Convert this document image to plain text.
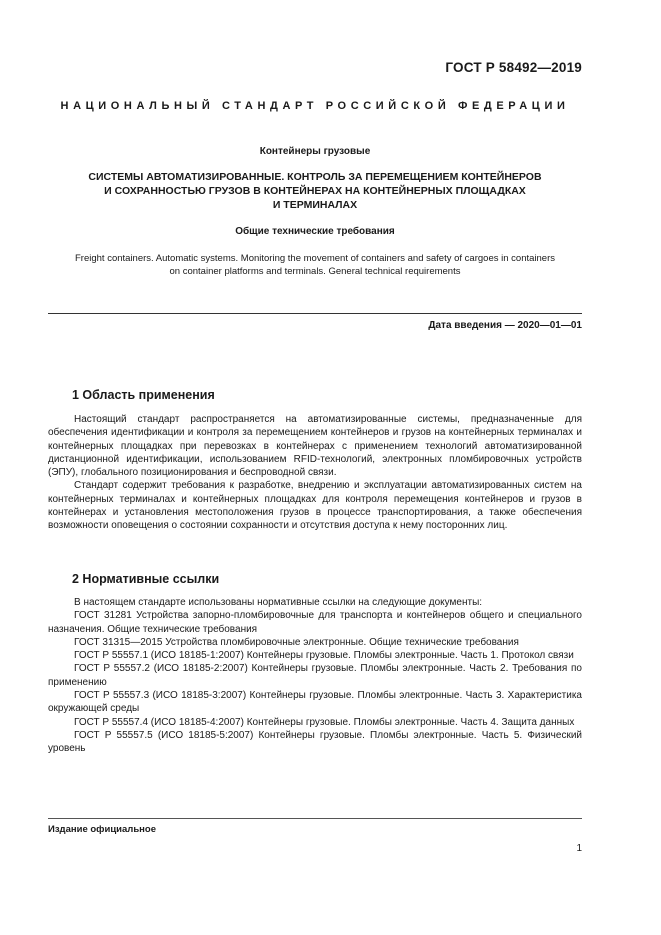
ГОСТ Р 58492—2019
НАЦИОНАЛЬНЫЙ СТАНДАРТ РОССИЙСКОЙ ФЕДЕРАЦИИ
Контейнеры грузовые
СИСТЕМЫ АВТОМАТИЗИРОВАННЫЕ. КОНТРОЛЬ ЗА ПЕРЕМЕЩЕНИЕМ КОНТЕЙНЕРОВ
И СОХРАННОСТЬЮ ГРУЗОВ В КОНТЕЙНЕРАХ НА КОНТЕЙНЕРНЫХ ПЛОЩАДКАХ
И ТЕРМИНАЛАХ
Общие технические требования
Freight containers. Automatic systems. Monitoring the movement of containers and safety of cargoes in containers
on container platforms and terminals. General technical requirements
Дата введения — 2020—01—01
1 Область применения

Настоящий стандарт распространяется на автоматизированные системы, предназначенные для обеспечения идентификации и контроля за перемещением контейнеров и грузов на контейнерных терминалах и контейнерных площадках при перевозках в контейнерах с применением технологий автоматизированной дистанционной идентификации, использованием RFID-технологий, электронных пломбировочных устройств (ЭПУ), глобального позиционирования и беспроводной связи.

Стандарт содержит требования к разработке, внедрению и эксплуатации автоматизированных систем на контейнерных терминалах и контейнерных площадках для контроля перемещения контейнеров и грузов в контейнерах и установления местоположения грузов в процессе транспортирования, а также обеспечения возможности оповещения о состоянии сохранности и отсутствия доступа к нему посторонних лиц.

2 Нормативные ссылки

В настоящем стандарте использованы нормативные ссылки на следующие документы:

ГОСТ 31281 Устройства запорно-пломбировочные для транспорта и контейнеров общего и специального назначения. Общие технические требования

ГОСТ 31315—2015 Устройства пломбировочные электронные. Общие технические требования

ГОСТ Р 55557.1 (ИСО 18185-1:2007) Контейнеры грузовые. Пломбы электронные. Часть 1. Протокол связи

ГОСТ Р 55557.2 (ИСО 18185-2:2007) Контейнеры грузовые. Пломбы электронные. Часть 2. Требования по применению

ГОСТ Р 55557.3 (ИСО 18185-3:2007) Контейнеры грузовые. Пломбы электронные. Часть 3. Характеристика окружающей среды

ГОСТ Р 55557.4 (ИСО 18185-4:2007) Контейнеры грузовые. Пломбы электронные. Часть 4. Защита данных

ГОСТ Р 55557.5 (ИСО 18185-5:2007) Контейнеры грузовые. Пломбы электронные. Часть 5. Физический уровень

Издание официальное
1
